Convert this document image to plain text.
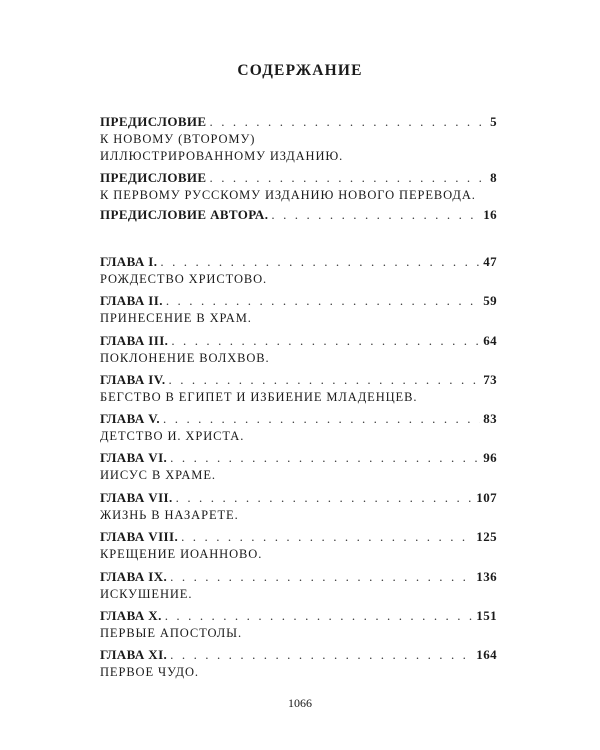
СОДЕРЖАНИЕ
ПРЕДИСЛОВИЕ . . .	5
К НОВОМУ (ВТОРОМУ)
ИЛЛЮСТРИРОВАННОМУ ИЗДАНИЮ.
ПРЕДИСЛОВИЕ . . .	8
К ПЕРВОМУ РУССКОМУ ИЗДАНИЮ НОВОГО ПЕРЕВОДА.
ПРЕДИСЛОВИЕ АВТОРА. . . .	16
ГЛАВА I. . . .	47
РОЖДЕСТВО ХРИСТОВО.
ГЛАВА II. . . .	59
ПРИНЕСЕНИЕ В ХРАМ.
ГЛАВА III. . . .	64
ПОКЛОНЕНИЕ ВОЛХВОВ.
ГЛАВА IV. . . .	73
БЕГСТВО В ЕГИПЕТ И ИЗБИЕНИЕ МЛАДЕНЦЕВ.
ГЛАВА V. . . .	83
ДЕТСТВО И. ХРИСТА.
ГЛАВА VI. . . .	96
ИИСУС В ХРАМЕ.
ГЛАВА VII. . . .	107
ЖИЗНЬ В НАЗАРЕТЕ.
ГЛАВА VIII. . . .	125
КРЕЩЕНИЕ ИОАННОВО.
ГЛАВА IX. . . .	136
ИСКУШЕНИЕ.
ГЛАВА X. . . .	151
ПЕРВЫЕ АПОСТОЛЫ.
ГЛАВА XI. . . .	164
ПЕРВОЕ ЧУДО.
1066
